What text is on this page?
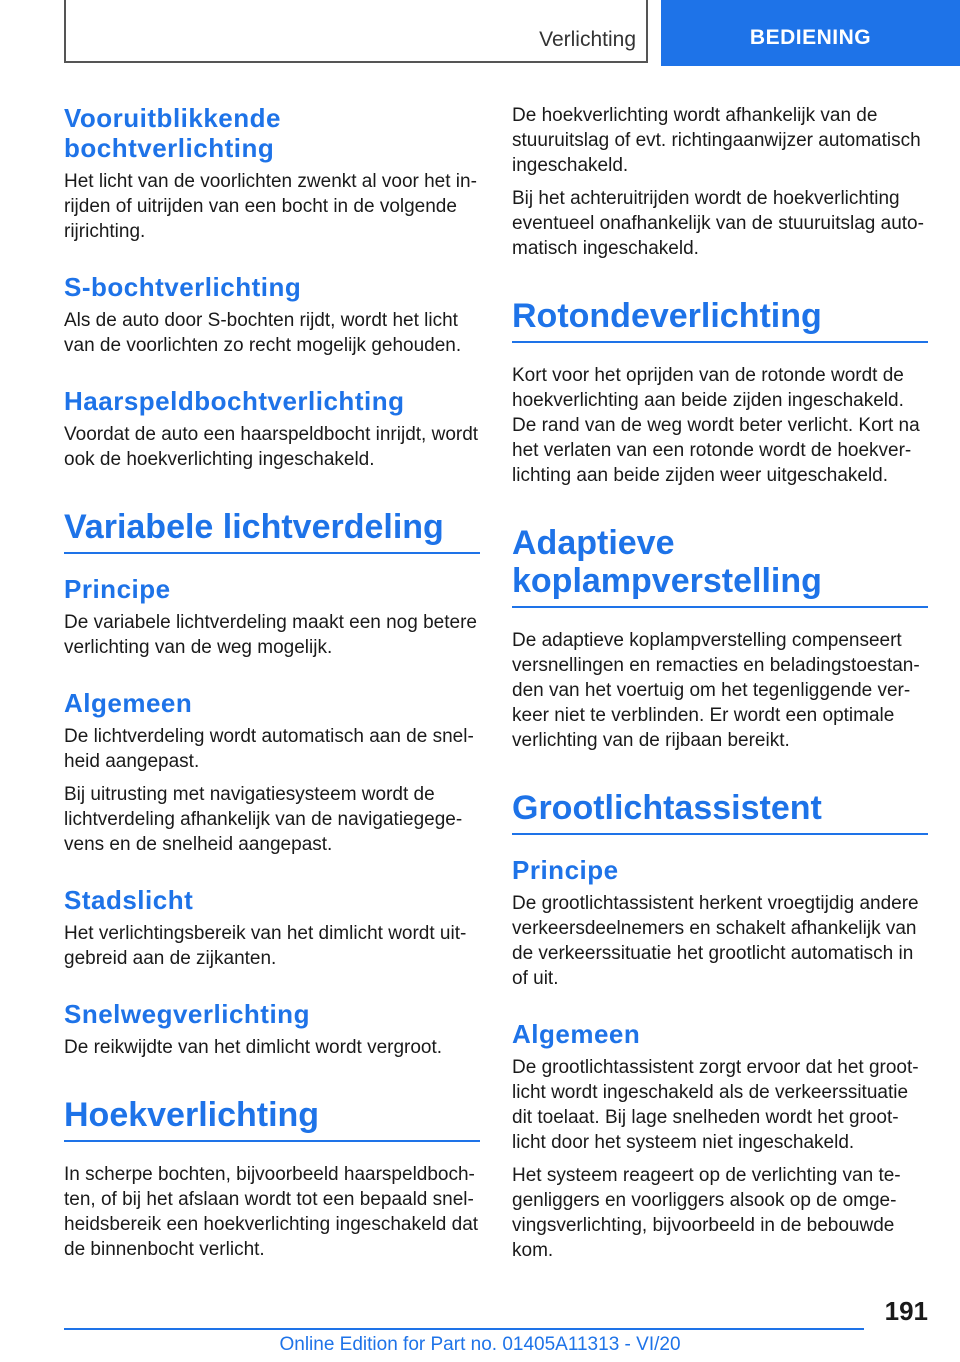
Verlichting	BEDIENING
Vooruitblikkende bochtverlichting
Het licht van de voorlichten zwenkt al voor het in-rijden of uitrijden van een bocht in de volgende rijrichting.
S-bochtverlichting
Als de auto door S-bochten rijdt, wordt het licht van de voorlichten zo recht mogelijk gehouden.
Haarspeldbochtverlichting
Voordat de auto een haarspeldbocht inrijdt, wordt ook de hoekverlichting ingeschakeld.
Variabele lichtverdeling
Principe
De variabele lichtverdeling maakt een nog betere verlichting van de weg mogelijk.
Algemeen
De lichtverdeling wordt automatisch aan de snel-heid aangepast.
Bij uitrusting met navigatiesysteem wordt de lichtverdeling afhankelijk van de navigatiegege-vens en de snelheid aangepast.
Stadslicht
Het verlichtingsbereik van het dimlicht wordt uit-gebreid aan de zijkanten.
Snelwegverlichting
De reikwijdte van het dimlicht wordt vergroot.
Hoekverlichting
In scherpe bochten, bijvoorbeeld haarspeldboch-ten, of bij het afslaan wordt tot een bepaald snel-heidsbereik een hoekverlichting ingeschakeld dat de binnenbocht verlicht.
De hoekverlichting wordt afhankelijk van de stuuruitslag of evt. richtingaanwijzer automatisch ingeschakeld.
Bij het achteruitrijden wordt de hoekverlichting eventueel onafhankelijk van de stuuruitslag auto-matisch ingeschakeld.
Rotondeverlichting
Kort voor het oprijden van de rotonde wordt de hoekverlichting aan beide zijden ingeschakeld. De rand van de weg wordt beter verlicht. Kort na het verlaten van een rotonde wordt de hoekver-lichting aan beide zijden weer uitgeschakeld.
Adaptieve koplampverstelling
De adaptieve koplampverstelling compenseert versnellingen en remacties en beladingstoestan-den van het voertuig om het tegenliggende ver-keer niet te verblinden. Er wordt een optimale verlichting van de rijbaan bereikt.
Grootlichtassistent
Principe
De grootlichtassistent herkent vroegtijdig andere verkeersdeelnemers en schakelt afhankelijk van de verkeerssituatie het grootlicht automatisch in of uit.
Algemeen
De grootlichtassistent zorgt ervoor dat het groot-licht wordt ingeschakeld als de verkeerssituatie dit toelaat. Bij lage snelheden wordt het groot-licht door het systeem niet ingeschakeld.
Het systeem reageert op de verlichting van te-genliggers en voorliggers alsook op de omge-vingsverlichting, bijvoorbeeld in de bebouwde kom.
191
Online Edition for Part no. 01405A11313 - VI/20
